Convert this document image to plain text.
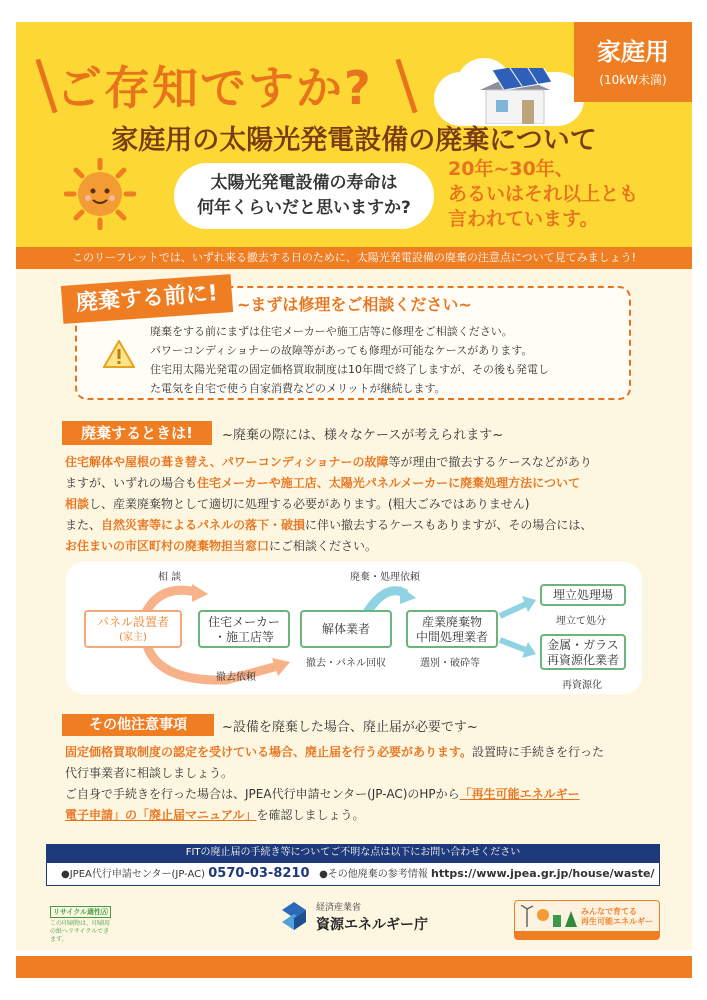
ご存知ですか?
家庭用
(10kW未満)
家庭用の太陽光発電設備の廃棄について
太陽光発電設備の寿命は
何年くらいだと思いますか?
20年~30年、
あるいはそれ以上とも
言われています。
このリーフレットでは、いずれ来る撤去する日のために、太陽光発電設備の廃棄の注意点について見てみましょう!
廃棄する前に!	~まずは修理をご相談ください~
廃棄をする前にまずは住宅メーカーや施工店等に修理をご相談ください。
パワーコンディショナーの故障等があっても修理が可能なケースがあります。
住宅用太陽光発電の固定価格買取制度は10年間で終了しますが、その後も発電し
た電気を自宅で使う自家消費などのメリットが継続します。
廃棄するときは!	~廃棄の際には、様々なケースが考えられます~
住宅解体や屋根の葺き替え、パワーコンディショナーの故障等が理由で撤去するケースなどがあり
ますが、いずれの場合も住宅メーカーや施工店、太陽光パネルメーカーに廃棄処理方法について
相談し、産業廃棄物として適切に処理する必要があります。(粗大ごみではありません)
また、自然災害等によるパネルの落下・破損に伴い撤去するケースもありますが、その場合には、
お住まいの市区町村の廃棄物担当窓口にご相談ください。
相 談
パネル設置者
(家主)
住宅メーカー
・施工店等
撤去依頼
廃棄・処理依頼
解体業者
撤去・パネル回収
産業廃棄物
中間処理業者
選別・破砕等
埋立処理場
埋立て処分
金属・ガラス
再資源化業者
再資源化
その他注意事項	~設備を廃棄した場合、廃止届が必要です~
固定価格買取制度の認定を受けている場合、廃止届を行う必要があります。設置時に手続きを行った
代行事業者に相談しましょう。
ご自身で手続きを行った場合は、JPEA代行申請センター(JP-AC)のHPから「再生可能エネルギー
電子申請」の「廃止届マニュアル」を確認しましょう。
FITの廃止届の手続き等についてご不明な点は以下にお問い合わせください
●JPEA代行申請センター(JP-AC) 0570-03-8210 ●その他廃棄の参考情報 https://www.jpea.gr.jp/house/waste/
リサイクル適性Ⓐ
この印刷物は、印刷用の紙へリサイクルできます。
経済産業省
資源エネルギー庁
みんなで育てる
再生可能エネルギー
